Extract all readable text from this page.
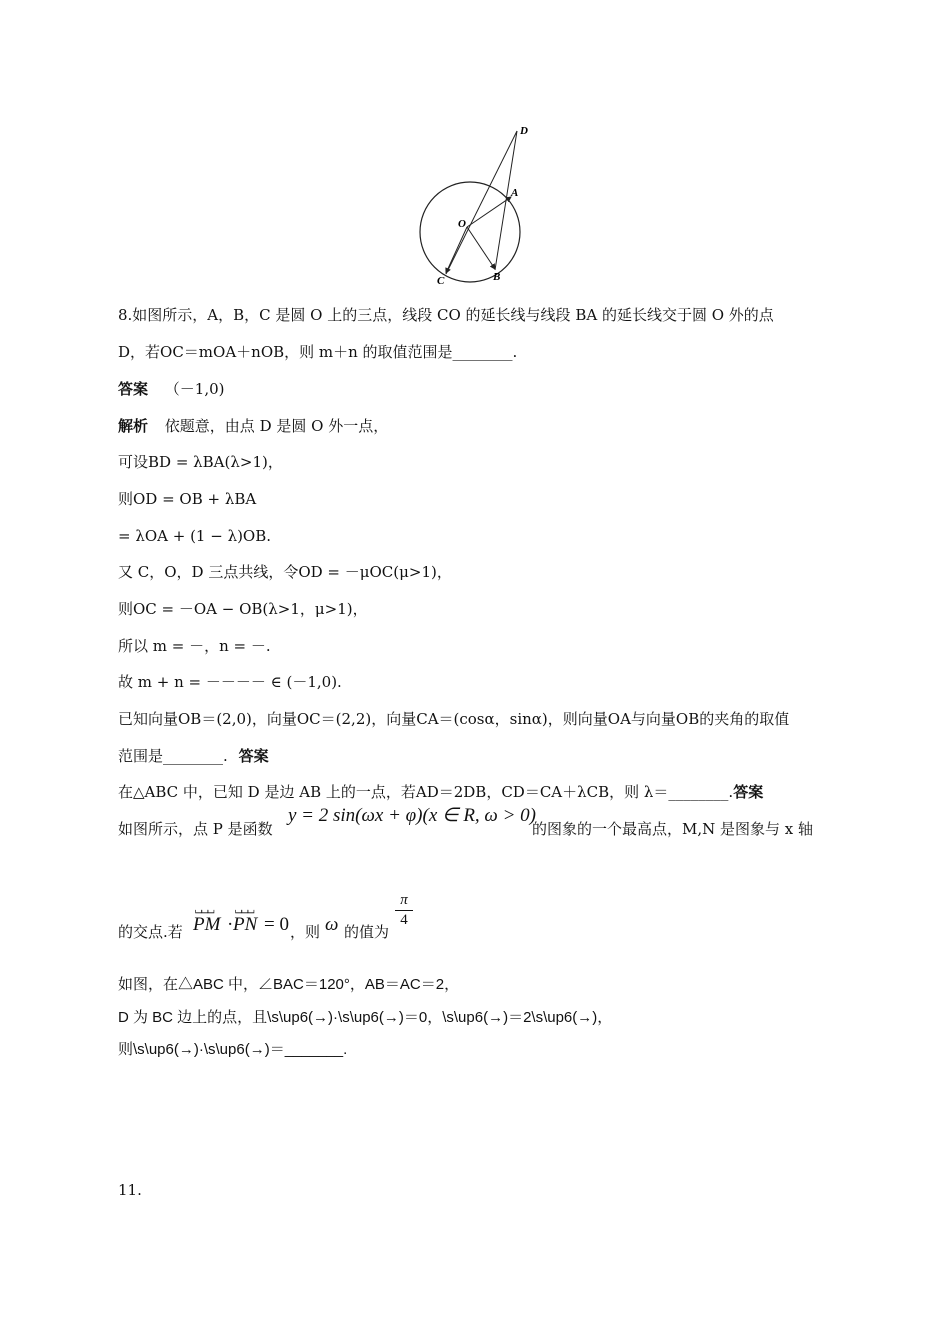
D
A
O
C	B
8.如图所示，A，B，C 是圆 O 上的三点，线段 CO 的延长线与线段 BA 的延长线交于圆 O 外的点
D，若OC＝mOA＋nOB，则 m＋n 的取值范围是________.
答案 （－1,0)
解析 依题意，由点 D 是圆 O 外一点，
可设BD = λBA(λ>1)，
则OD = OB + λBA
= λOA + (1 − λ)OB.
又 C，O，D 三点共线，令OD = －μOC(μ>1)，
则OC = －OA − OB(λ>1，μ>1)，
所以 m = －，n = －.
故 m + n = －－－－ ∈ (－1,0).
已知向量OB＝(2,0)，向量OC＝(2,2)，向量CA＝(cosα，sinα)，则向量OA与向量OB的夹角的取值
范围是________. 答案
在△ABC 中，已知 D 是边 AB 上的一点，若AD＝2DB，CD＝CA＋λCB，则 λ＝________.答案
如图所示，点 P 是函数
y = 2 sin(ωx + φ)(x ∈ R, ω > 0)
的图象的一个最高点，M,N 是图象与 x 轴
的交点.若
⌴⌴⌴
PM ·
⌴⌴⌴
PN = 0 ，则 ω 的值为
π
4
如图，在△ABC 中，∠BAC＝120°，AB＝AC＝2，
D 为 BC 边上的点，且\s\up6(→)·\s\up6(→)＝0，\s\up6(→)＝2\s\up6(→)，
则\s\up6(→)·\s\up6(→)＝_______.
11.
